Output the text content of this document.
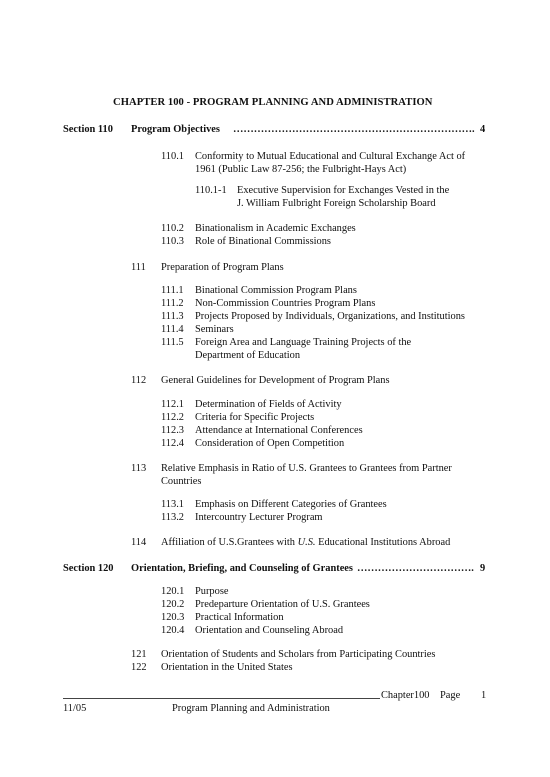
CHAPTER 100 - PROGRAM PLANNING AND ADMINISTRATION
Section 110 Program Objectives ……………………………………………………………. 4
110.1 Conformity to Mutual Educational and Cultural Exchange Act of
1961 (Public Law 87-256; the Fulbright-Hays Act)
110.1-1 Executive Supervision for Exchanges Vested in the
J. William Fulbright Foreign Scholarship Board
110.2 Binationalism in Academic Exchanges
110.3 Role of Binational Commissions
111 Preparation of Program Plans
111.1 Binational Commission Program Plans
111.2 Non-Commission Countries Program Plans
111.3 Projects Proposed by Individuals, Organizations, and Institutions
111.4 Seminars
111.5 Foreign Area and Language Training Projects of the
Department of Education
112 General Guidelines for Development of Program Plans
112.1 Determination of Fields of Activity
112.2 Criteria for Specific Projects
112.3 Attendance at International Conferences
112.4 Consideration of Open Competition
113 Relative Emphasis in Ratio of U.S. Grantees to Grantees from Partner
Countries
113.1 Emphasis on Different Categories of Grantees
113.2 Intercountry Lecturer Program
114 Affiliation of U.S.Grantees with U.S. Educational Institutions Abroad
Section 120 Orientation, Briefing, and Counseling of Grantees ……………………………. 9
120.1 Purpose
120.2 Predeparture Orientation of U.S. Grantees
120.3 Practical Information
120.4 Orientation and Counseling Abroad
121 Orientation of Students and Scholars from Participating Countries
122 Orientation in the United States
Chapter100 Page 1
11/05	Program Planning and Administration
